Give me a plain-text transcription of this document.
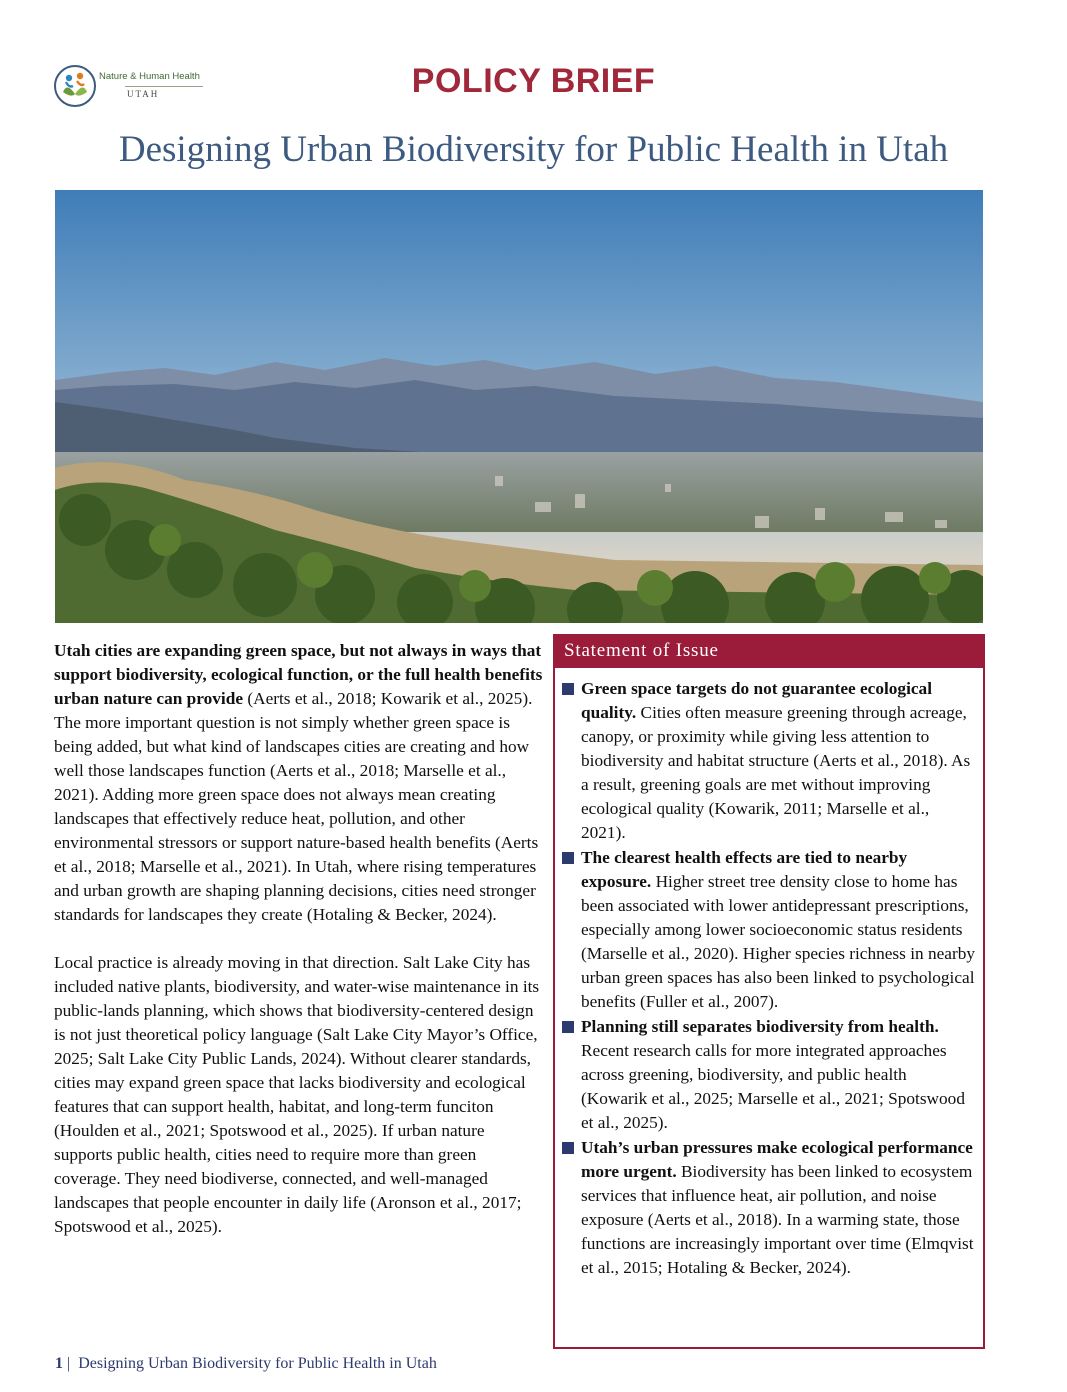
Nature & Human Health
UTAH	POLICY BRIEF
Designing Urban Biodiversity for Public Health in Utah

Utah cities are expanding green space, but not always in ways that support biodiversity, ecological function, or the full health benefits urban nature can provide (Aerts et al., 2018; Kowarik et al., 2025). The more important question is not simply whether green space is being added, but what kind of landscapes cities are creating and how well those landscapes function (Aerts et al., 2018; Marselle et al., 2021). Adding more green space does not always mean creating landscapes that effectively reduce heat, pollution, and other environmental stressors or support nature-based health benefits (Aerts et al., 2018; Marselle et al., 2021). In Utah, where rising temperatures and urban growth are shaping planning decisions, cities need stronger standards for landscapes they create (Hotaling & Becker, 2024).

Local practice is already moving in that direction. Salt Lake City has included native plants, biodiversity, and water-wise maintenance in its public-lands planning, which shows that biodiversity-centered design is not just theoretical policy language (Salt Lake City Mayor’s Office, 2025; Salt Lake City Public Lands, 2024). Without clearer standards, cities may expand green space that lacks biodiversity and ecological features that can support health, habitat, and long-term funciton (Houlden et al., 2021; Spotswood et al., 2025). If urban nature supports public health, cities need to require more than green coverage. They need biodiverse, connected, and well-managed landscapes that people encounter in daily life (Aronson et al., 2017; Spotswood et al., 2025).

Statement of Issue
Green space targets do not guarantee ecological quality. Cities often measure greening through acreage, canopy, or proximity while giving less attention to biodiversity and habitat structure (Aerts et al., 2018). As a result, greening goals are met without improving ecological quality (Kowarik, 2011; Marselle et al., 2021).
The clearest health effects are tied to nearby exposure. Higher street tree density close to home has been associated with lower antidepressant prescriptions, especially among lower socioeconomic status residents (Marselle et al., 2020). Higher species richness in nearby urban green spaces has also been linked to psychological benefits (Fuller et al., 2007).
Planning still separates biodiversity from health. Recent research calls for more integrated approaches across greening, biodiversity, and public health (Kowarik et al., 2025; Marselle et al., 2021; Spotswood et al., 2025).
Utah’s urban pressures make ecological performance more urgent. Biodiversity has been linked to ecosystem services that influence heat, air pollution, and noise exposure (Aerts et al., 2018). In a warming state, those functions are increasingly important over time (Elmqvist et al., 2015; Hotaling & Becker, 2024).
1 | Designing Urban Biodiversity for Public Health in Utah
